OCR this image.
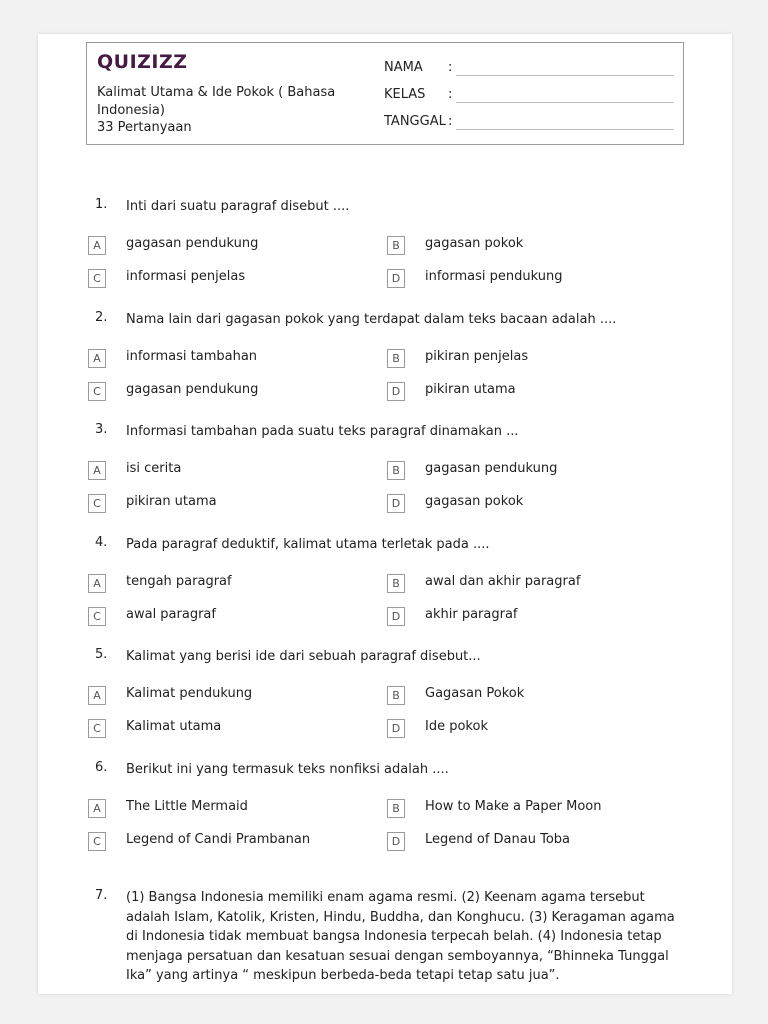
QUIZIZZ
Kalimat Utama & Ide Pokok ( Bahasa Indonesia)
33 Pertanyaan
NAMA :
KELAS :
TANGGAL :
1. Inti dari suatu paragraf disebut ....
A	gagasan pendukung	B	gagasan pokok
C	informasi penjelas	D	informasi pendukung
2. Nama lain dari gagasan pokok yang terdapat dalam teks bacaan adalah ....
A	informasi tambahan	B	pikiran penjelas
C	gagasan pendukung	D	pikiran utama
3. Informasi tambahan pada suatu teks paragraf dinamakan ...
A	isi cerita	B	gagasan pendukung
C	pikiran utama	D	gagasan pokok
4. Pada paragraf deduktif, kalimat utama terletak pada ....
A	tengah paragraf	B	awal dan akhir paragraf
C	awal paragraf	D	akhir paragraf
5. Kalimat yang berisi ide dari sebuah paragraf disebut...
A	Kalimat pendukung	B	Gagasan Pokok
C	Kalimat utama	D	Ide pokok
6. Berikut ini yang termasuk teks nonfiksi adalah ....
A	The Little Mermaid	B	How to Make a Paper Moon
C	Legend of Candi Prambanan	D	Legend of Danau Toba
7. (1) Bangsa Indonesia memiliki enam agama resmi. (2) Keenam agama tersebut adalah Islam, Katolik, Kristen, Hindu, Buddha, dan Konghucu. (3) Keragaman agama di Indonesia tidak membuat bangsa Indonesia terpecah belah. (4) Indonesia tetap menjaga persatuan dan kesatuan sesuai dengan semboyannya, “Bhinneka Tunggal Ika” yang artinya “ meskipun berbeda-beda tetapi tetap satu jua”.
